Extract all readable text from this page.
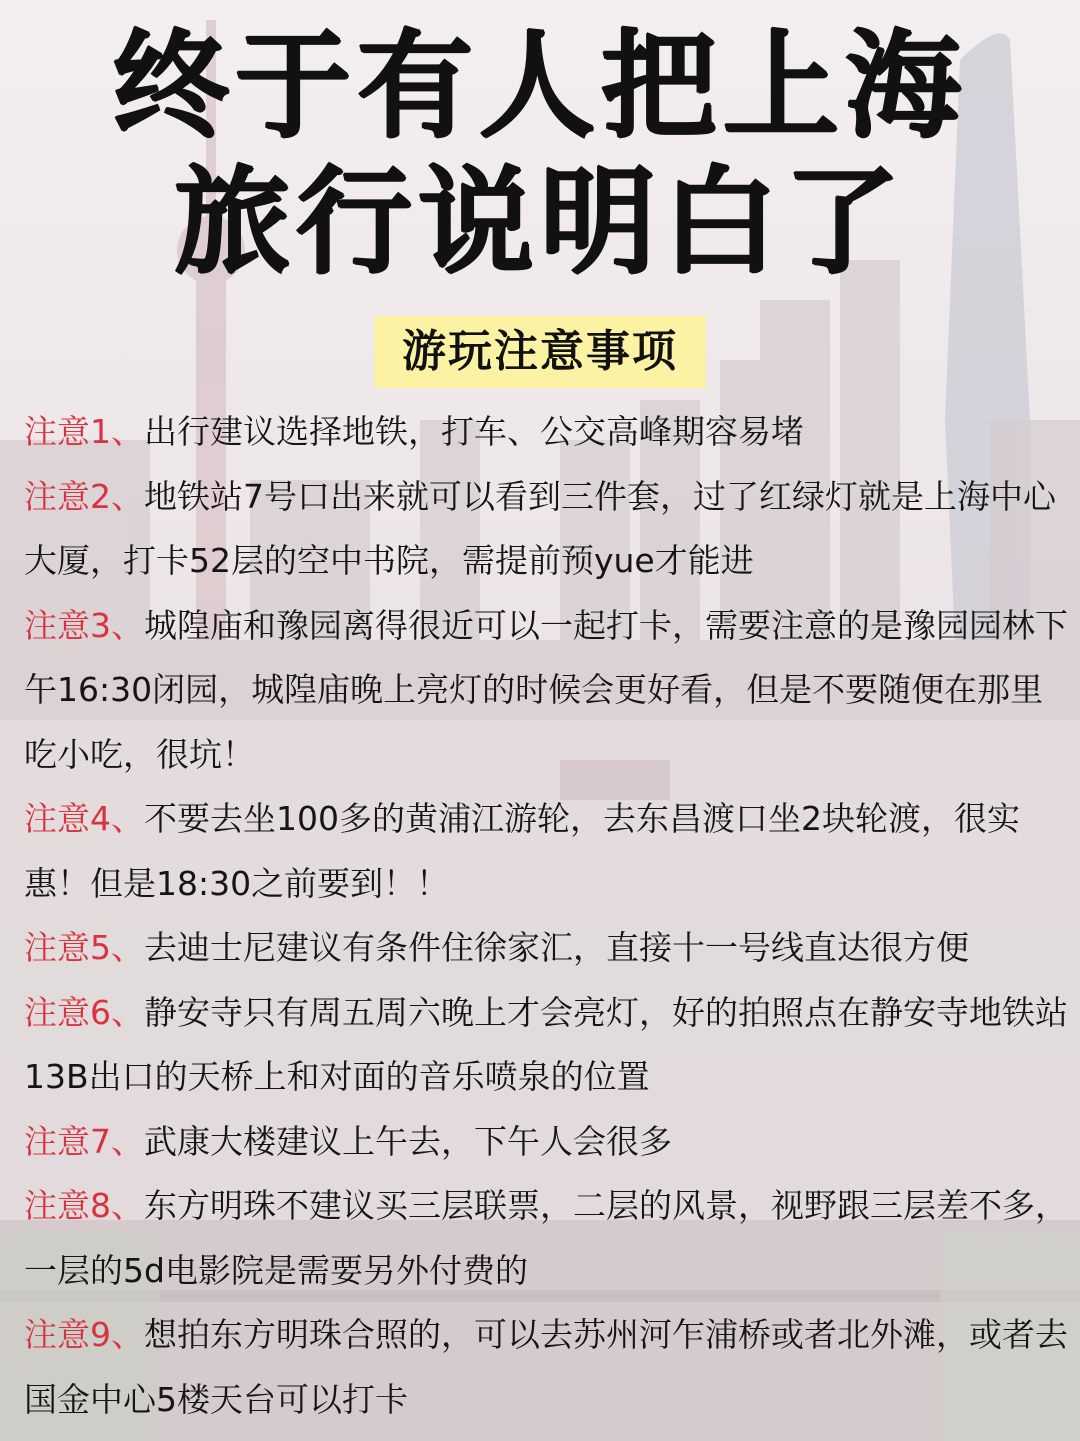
终于有人把上海
旅行说明白了
游玩注意事项

注意1、出行建议选择地铁，打车、公交高峰期容易堵

注意2、地铁站7号口出来就可以看到三件套，过了红绿灯就是上海中心大厦，打卡52层的空中书院，需提前预yue才能进

注意3、城隍庙和豫园离得很近可以一起打卡，需要注意的是豫园园林下午16:30闭园，城隍庙晚上亮灯的时候会更好看，但是不要随便在那里吃小吃，很坑！

注意4、不要去坐100多的黄浦江游轮，去东昌渡口坐2块轮渡，很实惠！但是18:30之前要到！！

注意5、去迪士尼建议有条件住徐家汇，直接十一号线直达很方便

注意6、静安寺只有周五周六晚上才会亮灯，好的拍照点在静安寺地铁站13B出口的天桥上和对面的音乐喷泉的位置

注意7、武康大楼建议上午去，下午人会很多

注意8、东方明珠不建议买三层联票，二层的风景，视野跟三层差不多，一层的5d电影院是需要另外付费的

注意9、想拍东方明珠合照的，可以去苏州河乍浦桥或者北外滩，或者去国金中心5楼天台可以打卡
